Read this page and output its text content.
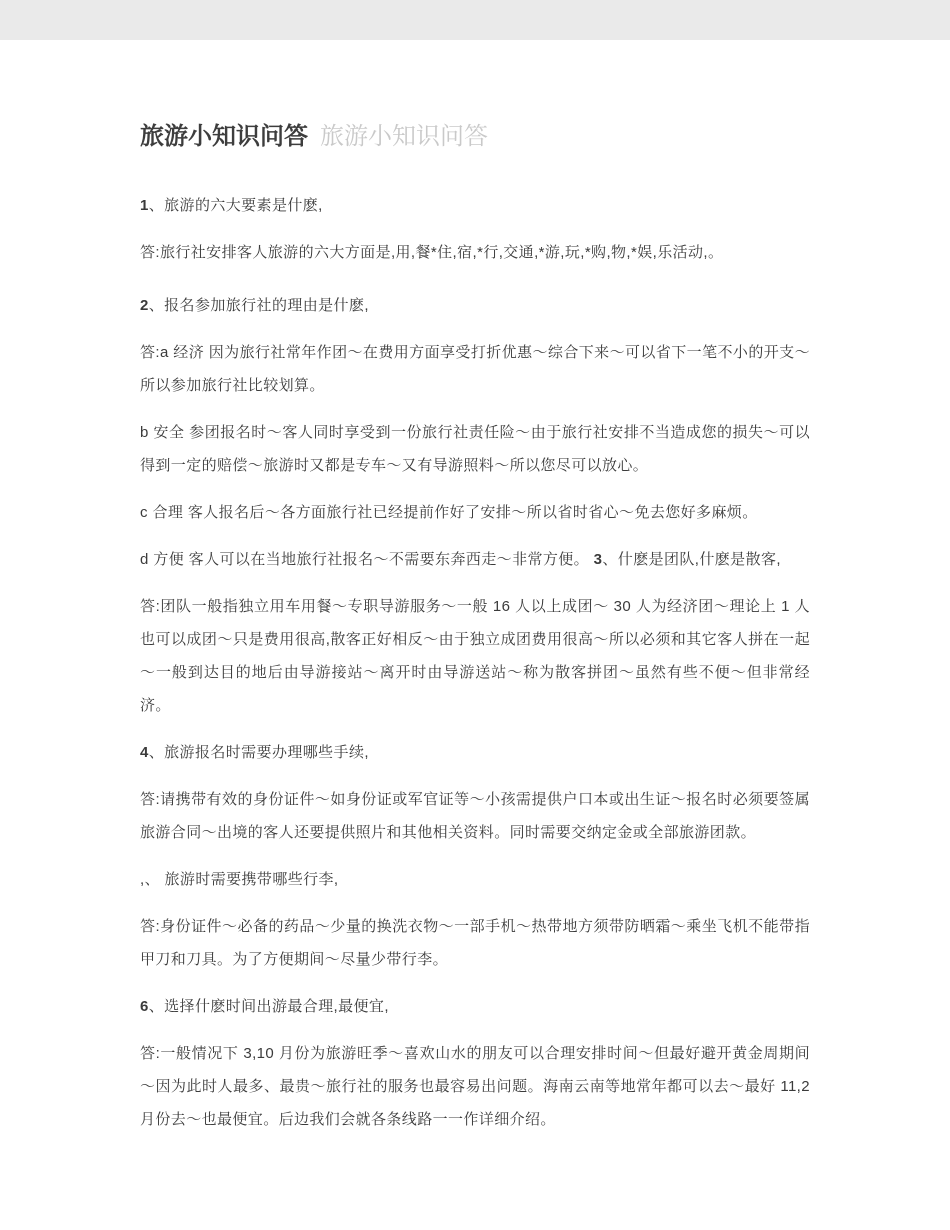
旅游小知识问答 旅游小知识问答

1、旅游的六大要素是什麽,

答:旅行社安排客人旅游的六大方面是,用,餐*住,宿,*行,交通,*游,玩,*购,物,*娱,乐活动,。

2、报名参加旅行社的理由是什麽,

答:a 经济 因为旅行社常年作团～在费用方面享受打折优惠～综合下来～可以省下一笔不小的开支～所以参加旅行社比较划算。

b 安全 参团报名时～客人同时享受到一份旅行社责任险～由于旅行社安排不当造成您的损失～可以得到一定的赔偿～旅游时又都是专车～又有导游照料～所以您尽可以放心。

c 合理 客人报名后～各方面旅行社已经提前作好了安排～所以省时省心～免去您好多麻烦。

d 方便 客人可以在当地旅行社报名～不需要东奔西走～非常方便。 3、什麽是团队,什麽是散客,

答:团队一般指独立用车用餐～专职导游服务～一般 16 人以上成团～ 30 人为经济团～理论上 1 人也可以成团～只是费用很高,散客正好相反～由于独立成团费用很高～所以必须和其它客人拼在一起～一般到达目的地后由导游接站～离开时由导游送站～称为散客拼团～虽然有些不便～但非常经济。

4、旅游报名时需要办理哪些手续,

答:请携带有效的身份证件～如身份证或军官证等～小孩需提供户口本或出生证～报名时必须要签属旅游合同～出境的客人还要提供照片和其他相关资料。同时需要交纳定金或全部旅游团款。

,、 旅游时需要携带哪些行李,

答:身份证件～必备的药品～少量的换洗衣物～一部手机～热带地方须带防晒霜～乘坐飞机不能带指甲刀和刀具。为了方便期间～尽量少带行李。

6、选择什麽时间出游最合理,最便宜,

答:一般情况下 3,10 月份为旅游旺季～喜欢山水的朋友可以合理安排时间～但最好避开黄金周期间～因为此时人最多、最贵～旅行社的服务也最容易出问题。海南云南等地常年都可以去～最好 11,2 月份去～也最便宜。后边我们会就各条线路一一作详细介绍。
